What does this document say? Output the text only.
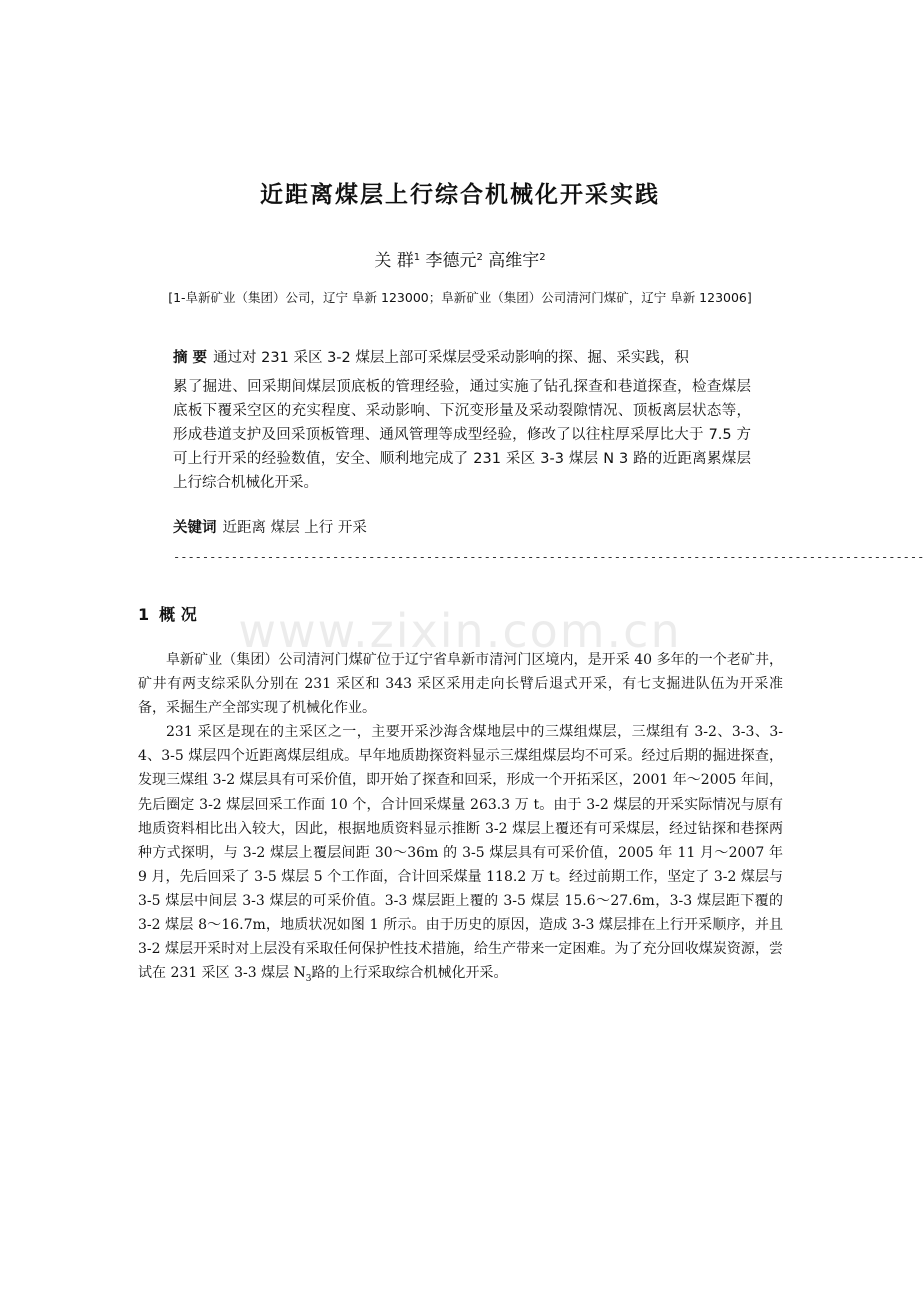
www.zixin.com.cn
近距离煤层上行综合机械化开采实践
关 群$^1$ 李德元$^2$ 高维宇$^2$
[1-阜新矿业（集团）公司，辽宁 阜新 123000；阜新矿业（集团）公司清河门煤矿，辽宁 阜新 123006]

摘 要 通过对 231 采区 3-2 煤层上部可采煤层受采动影响的探、掘、采实践，积

累了掘进、回采期间煤层顶底板的管理经验，通过实施了钻孔探查和巷道探查，检查煤层底板下覆采空区的充实程度、采动影响、下沉变形量及采动裂隙情况、顶板离层状态等，形成巷道支护及回采顶板管理、通风管理等成型经验，修改了以往柱厚采厚比大于 7.5 方可上行开采的经验数值，安全、顺利地完成了 231 采区 3-3 煤层 N 3 路的近距离累煤层上行综合机械化开采。

关键词 近距离 煤层 上行 开采
--------------------------------------------------------------------------------------------------------
1 概 况

阜新矿业（集团）公司清河门煤矿位于辽宁省阜新市清河门区境内，是开采 40 多年的一个老矿井，矿井有两支综采队分别在 231 采区和 343 采区采用走向长臂后退式开采，有七支掘进队伍为开采准备，采掘生产全部实现了机械化作业。

231 采区是现在的主采区之一，主要开采沙海含煤地层中的三煤组煤层，三煤组有 3-2、3-3、3-4、3-5 煤层四个近距离煤层组成。早年地质勘探资料显示三煤组煤层均不可采。经过后期的掘进探查，发现三煤组 3-2 煤层具有可采价值，即开始了探查和回采，形成一个开拓采区，2001 年～2005 年间，先后圈定 3-2 煤层回采工作面 10 个，合计回采煤量 263.3 万 t。由于 3-2 煤层的开采实际情况与原有地质资料相比出入较大，因此，根据地质资料显示推断 3-2 煤层上覆还有可采煤层，经过钻探和巷探两种方式探明，与 3-2 煤层上覆层间距 30～36m 的 3-5 煤层具有可采价值，2005 年 11 月～2007 年 9 月，先后回采了 3-5 煤层 5 个工作面，合计回采煤量 118.2 万 t。经过前期工作，坚定了 3-2 煤层与 3-5 煤层中间层 3-3 煤层的可采价值。3-3 煤层距上覆的 3-5 煤层 15.6～27.6m，3-3 煤层距下覆的 3-2 煤层 8～16.7m，地质状况如图 1 所示。由于历史的原因，造成 3-3 煤层排在上行开采顺序，并且 3-2 煤层开采时对上层没有采取任何保护性技术措施，给生产带来一定困难。为了充分回收煤炭资源，尝试在 231 采区 3-3 煤层 $N_3$路的上行采取综合机械化开采。
